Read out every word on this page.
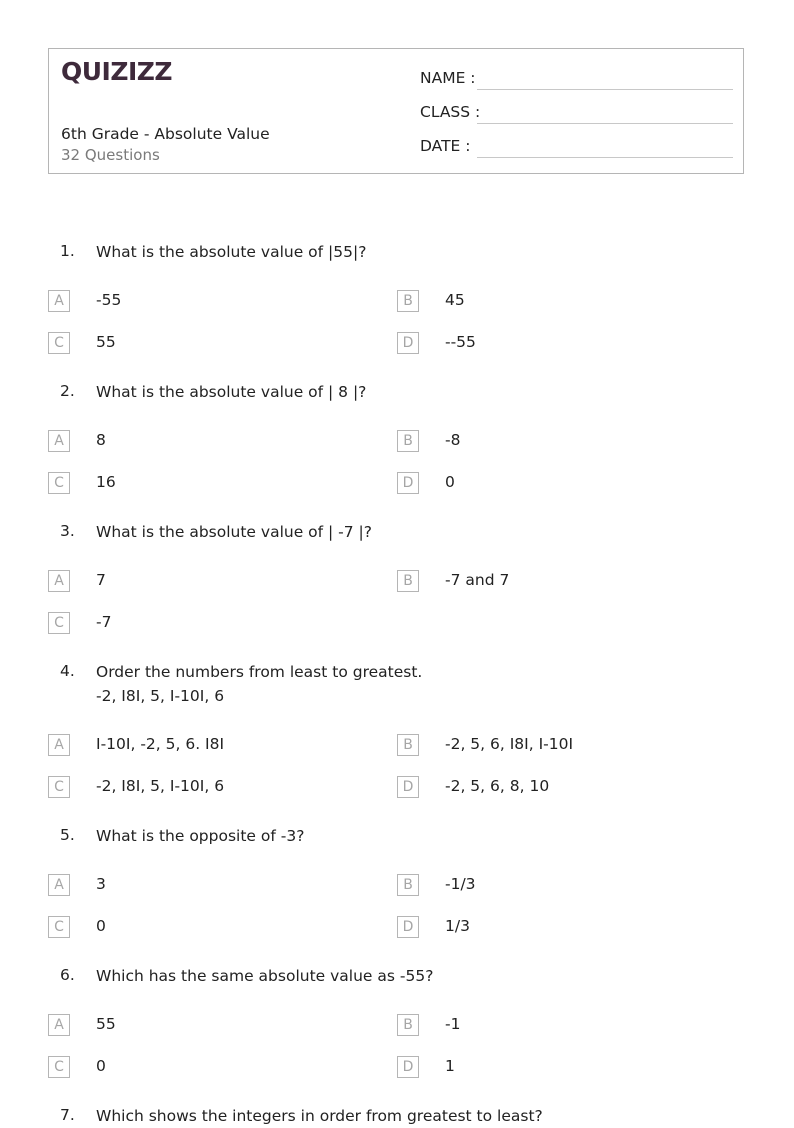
QUIZIZZ
6th Grade - Absolute Value
32 Questions
NAME :
CLASS :
DATE :
1. What is the absolute value of |55|?
A	-55	B	45
C	55	D	--55
2. What is the absolute value of | 8 |?
A	8	B	-8
C	16	D	0
3. What is the absolute value of | -7 |?
A	7	B	-7 and 7
C	-7
4. Order the numbers from least to greatest.
-2, I8I, 5, I-10I, 6
A	I-10I, -2, 5, 6. I8I	B	-2, 5, 6, I8I, I-10I
C	-2, I8I, 5, I-10I, 6	D	-2, 5, 6, 8, 10
5. What is the opposite of -3?
A	3	B	-1/3
C	0	D	1/3
6. Which has the same absolute value as -55?
A	55	B	-1
C	0	D	1
7. Which shows the integers in order from greatest to least?
